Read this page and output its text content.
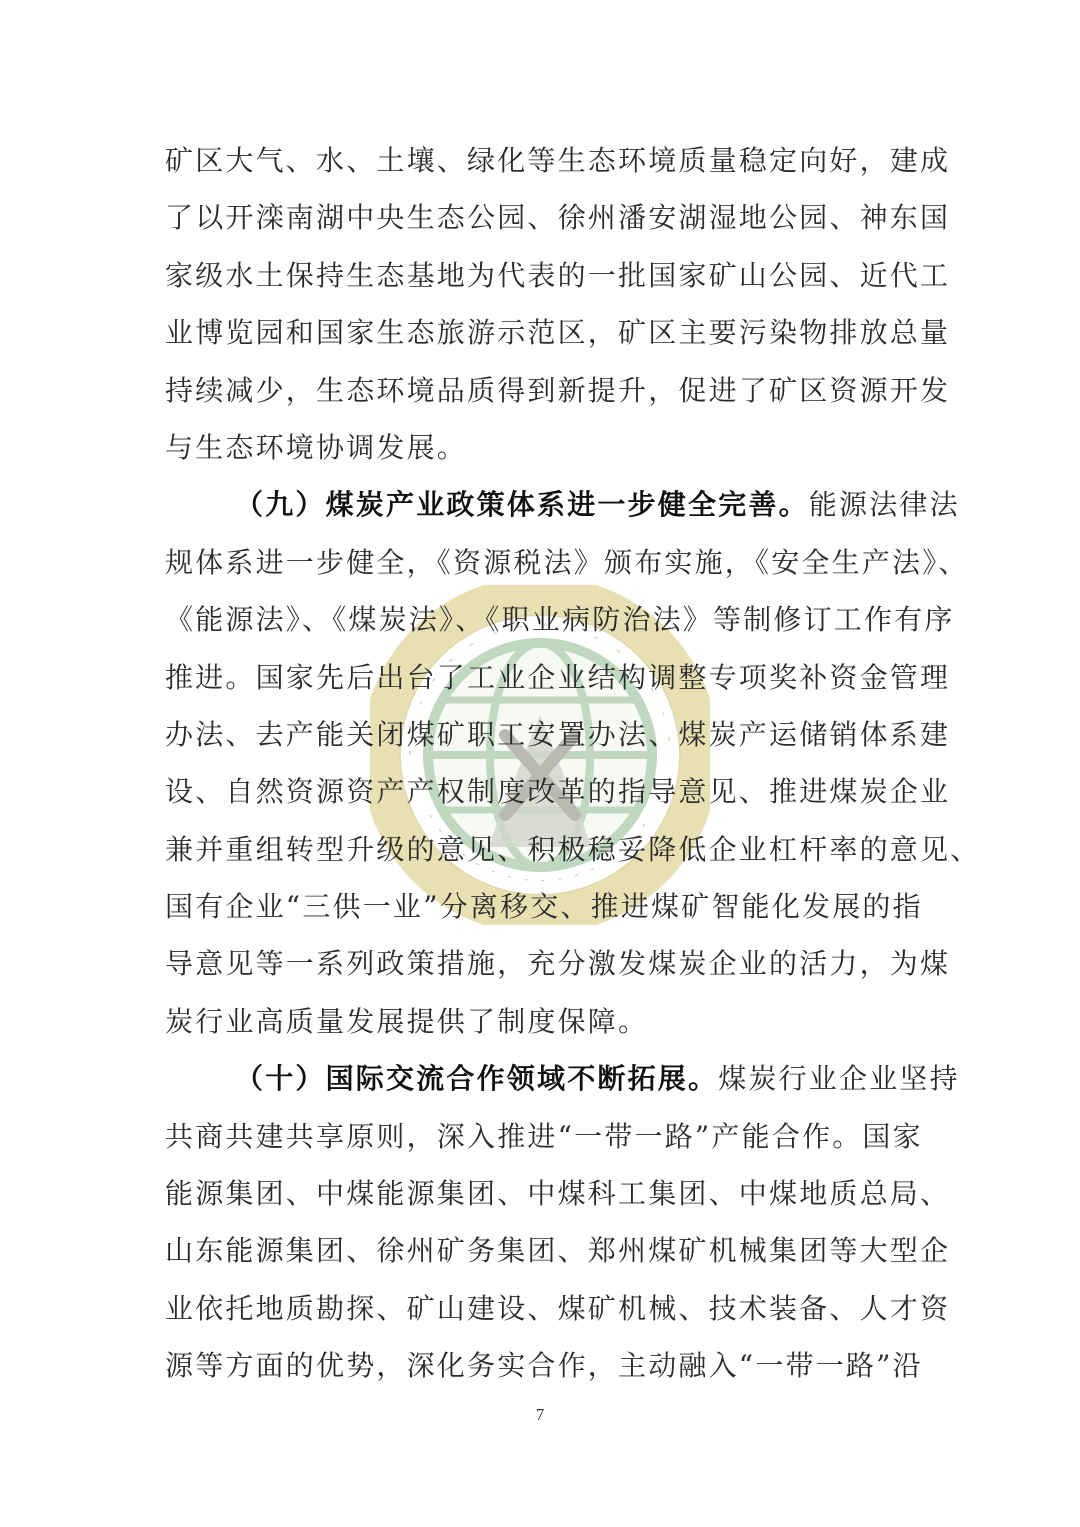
矿区大气、水、土壤、绿化等生态环境质量稳定向好，建成
了以开滦南湖中央生态公园、徐州潘安湖湿地公园、神东国
家级水土保持生态基地为代表的一批国家矿山公园、近代工
业博览园和国家生态旅游示范区，矿区主要污染物排放总量
持续减少，生态环境品质得到新提升，促进了矿区资源开发
与生态环境协调发展。
（九）煤炭产业政策体系进一步健全完善。能源法律法
规体系进一步健全，《资源税法》颁布实施，《安全生产法》、
《能源法》、《煤炭法》、《职业病防治法》等制修订工作有序
推进。国家先后出台了工业企业结构调整专项奖补资金管理
办法、去产能关闭煤矿职工安置办法、煤炭产运储销体系建
设、自然资源资产产权制度改革的指导意见、推进煤炭企业
兼并重组转型升级的意见、积极稳妥降低企业杠杆率的意见、
国有企业“三供一业”分离移交、推进煤矿智能化发展的指
导意见等一系列政策措施，充分激发煤炭企业的活力，为煤
炭行业高质量发展提供了制度保障。
（十）国际交流合作领域不断拓展。煤炭行业企业坚持
共商共建共享原则，深入推进“一带一路”产能合作。国家
能源集团、中煤能源集团、中煤科工集团、中煤地质总局、
山东能源集团、徐州矿务集团、郑州煤矿机械集团等大型企
业依托地质勘探、矿山建设、煤矿机械、技术装备、人才资
源等方面的优势，深化务实合作，主动融入“一带一路”沿
7
